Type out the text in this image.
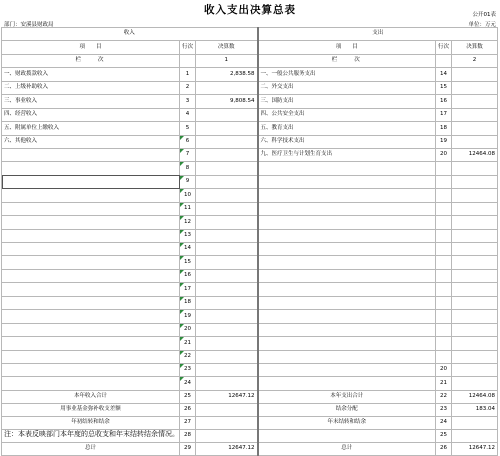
收入支出决算总表	公开01表
部门：安溪县财政局	单位：万元
收入			支出		
项　　目	行次	决算数	项　　目	行次	决算数
栏　　次		1	栏　　次		2
一、财政拨款收入	1	2,838.58	一、一般公共服务支出	14	
二、上级补助收入	2		二、外交支出	15	
三、事业收入	3	9,808.54	三、国防支出	16	
四、经营收入	4		四、公共安全支出	17	
五、附属单位上缴收入	5		五、教育支出	18	
六、其他收入	6		六、科学技术支出	19	
	7		九、医疗卫生与计划生育支出	20	12464.08
	8				
	9				
	10				
	11				
	12				
	13				
	14				
	15				
	16				
	17				
	18				
	19				
	20				
	21				
	22				
	23			20	
	24			21	
本年收入合计	25	12647.12	本年支出合计	22	12464.08
用事业基金弥补收支差额	26		结余分配	23	183.04
年初结转和结余	27		年末结转和结余	24	
	28			25	
总计	29	12647.12	总计	26	12647.12
注：本表反映部门本年度的总收支和年末结转结余情况。
